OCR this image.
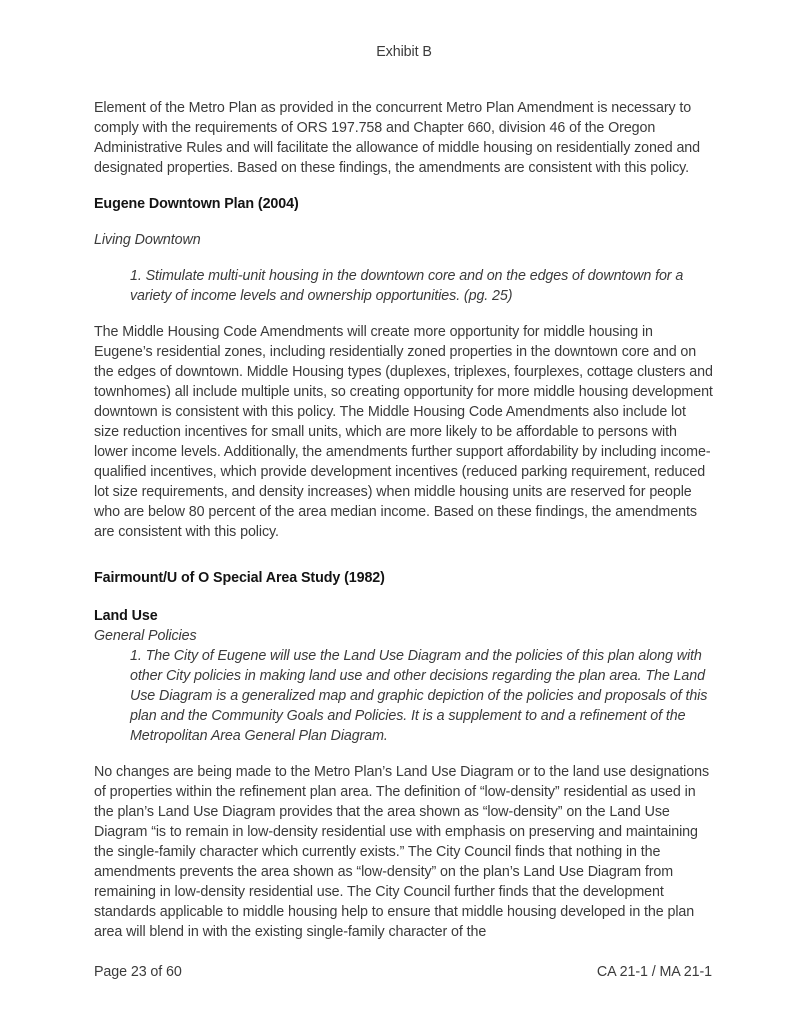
Exhibit B

Element of the Metro Plan as provided in the concurrent Metro Plan Amendment is necessary to comply with the requirements of ORS 197.758 and Chapter 660, division 46 of the Oregon Administrative Rules and will facilitate the allowance of middle housing on residentially zoned and designated properties. Based on these findings, the amendments are consistent with this policy.

Eugene Downtown Plan (2004)
Living Downtown
1. Stimulate multi-unit housing in the downtown core and on the edges of downtown for a variety of income levels and ownership opportunities. (pg. 25)

The Middle Housing Code Amendments will create more opportunity for middle housing in Eugene’s residential zones, including residentially zoned properties in the downtown core and on the edges of downtown. Middle Housing types (duplexes, triplexes, fourplexes, cottage clusters and townhomes) all include multiple units, so creating opportunity for more middle housing development downtown is consistent with this policy. The Middle Housing Code Amendments also include lot size reduction incentives for small units, which are more likely to be affordable to persons with lower income levels. Additionally, the amendments further support affordability by including income-qualified incentives, which provide development incentives (reduced parking requirement, reduced lot size requirements, and density increases) when middle housing units are reserved for people who are below 80 percent of the area median income. Based on these findings, the amendments are consistent with this policy.

Fairmount/U of O Special Area Study (1982)
Land Use
General Policies
1. The City of Eugene will use the Land Use Diagram and the policies of this plan along with other City policies in making land use and other decisions regarding the plan area. The Land Use Diagram is a generalized map and graphic depiction of the policies and proposals of this plan and the Community Goals and Policies. It is a supplement to and a refinement of the Metropolitan Area General Plan Diagram.

No changes are being made to the Metro Plan’s Land Use Diagram or to the land use designations of properties within the refinement plan area. The definition of “low-density” residential as used in the plan’s Land Use Diagram provides that the area shown as “low-density” on the Land Use Diagram “is to remain in low-density residential use with emphasis on preserving and maintaining the single-family character which currently exists.” The City Council finds that nothing in the amendments prevents the area shown as “low-density” on the plan’s Land Use Diagram from remaining in low-density residential use. The City Council further finds that the development standards applicable to middle housing help to ensure that middle housing developed in the plan area will blend in with the existing single-family character of the

Page 23 of 60	CA 21-1 / MA 21-1
